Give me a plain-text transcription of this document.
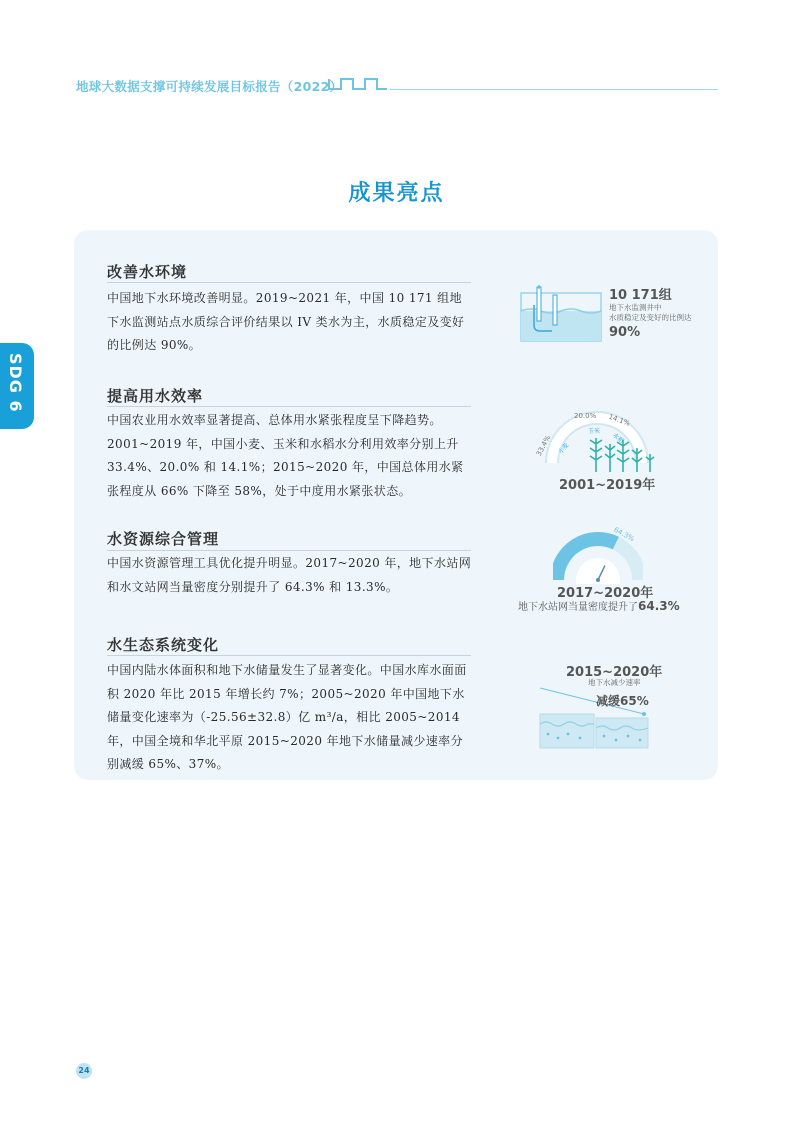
地球大数据支撑可持续发展目标报告（2022）
SDG 6
成果亮点
改善水环境
中国地下水环境改善明显。2019~2021 年，中国 10 171 组地下水监测站点水质综合评价结果以 IV 类水为主，水质稳定及变好的比例达 90%。
10 171组
地下水监测井中
水质稳定及变好的比例达
90%
提高用水效率
中国农业用水效率显著提高、总体用水紧张程度呈下降趋势。2001~2019 年，中国小麦、玉米和水稻水分利用效率分别上升 33.4%、20.0% 和 14.1%；2015~2020 年，中国总体用水紧张程度从 66% 下降至 58%，处于中度用水紧张状态。
33.4%
20.0% 14.1%
小麦
玉米
水稻
2001~2019年
水资源综合管理
中国水资源管理工具优化提升明显。2017~2020 年，地下水站网和水文站网当量密度分别提升了 64.3% 和 13.3%。
64.3%
2017~2020年
地下水站网当量密度提升了64.3%
水生态系统变化
中国内陆水体面积和地下水储量发生了显著变化。中国水库水面面积 2020 年比 2015 年增长约 7%；2005~2020 年中国地下水储量变化速率为（-25.56±32.8）亿 m³/a，相比 2005~2014 年，中国全境和华北平原 2015~2020 年地下水储量减少速率分别减缓 65%、37%。
2015~2020年
地下水减少速率
减缓65%
24
